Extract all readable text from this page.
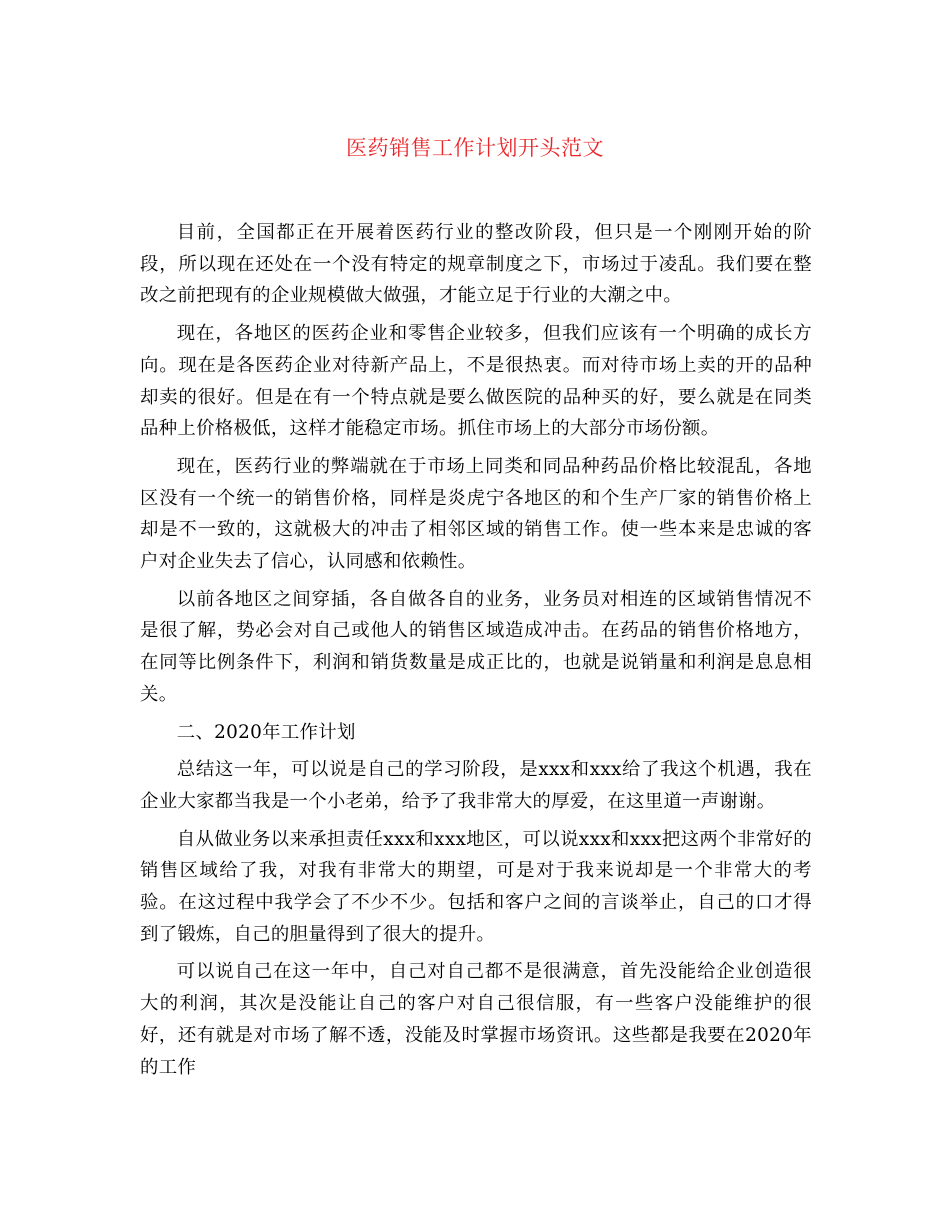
医药销售工作计划开头范文

目前，全国都正在开展着医药行业的整改阶段，但只是一个刚刚开始的阶段，所以现在还处在一个没有特定的规章制度之下，市场过于凌乱。我们要在整改之前把现有的企业规模做大做强，才能立足于行业的大潮之中。

现在，各地区的医药企业和零售企业较多，但我们应该有一个明确的成长方向。现在是各医药企业对待新产品上，不是很热衷。而对待市场上卖的开的品种却卖的很好。但是在有一个特点就是要么做医院的品种买的好，要么就是在同类品种上价格极低，这样才能稳定市场。抓住市场上的大部分市场份额。

现在，医药行业的弊端就在于市场上同类和同品种药品价格比较混乱，各地区没有一个统一的销售价格，同样是炎虎宁各地区的和个生产厂家的销售价格上却是不一致的，这就极大的冲击了相邻区域的销售工作。使一些本来是忠诚的客户对企业失去了信心，认同感和依赖性。

以前各地区之间穿插，各自做各自的业务，业务员对相连的区域销售情况不是很了解，势必会对自己或他人的销售区域造成冲击。在药品的销售价格地方，在同等比例条件下，利润和销货数量是成正比的，也就是说销量和利润是息息相关。

二、2020年工作计划

总结这一年，可以说是自己的学习阶段，是xxx和xxx给了我这个机遇，我在企业大家都当我是一个小老弟，给予了我非常大的厚爱，在这里道一声谢谢。

自从做业务以来承担责任xxx和xxx地区，可以说xxx和xxx把这两个非常好的销售区域给了我，对我有非常大的期望，可是对于我来说却是一个非常大的考验。在这过程中我学会了不少不少。包括和客户之间的言谈举止，自己的口才得到了锻炼，自己的胆量得到了很大的提升。

可以说自己在这一年中，自己对自己都不是很满意，首先没能给企业创造很大的利润，其次是没能让自己的客户对自己很信服，有一些客户没能维护的很好，还有就是对市场了解不透，没能及时掌握市场资讯。这些都是我要在2020年的工作
